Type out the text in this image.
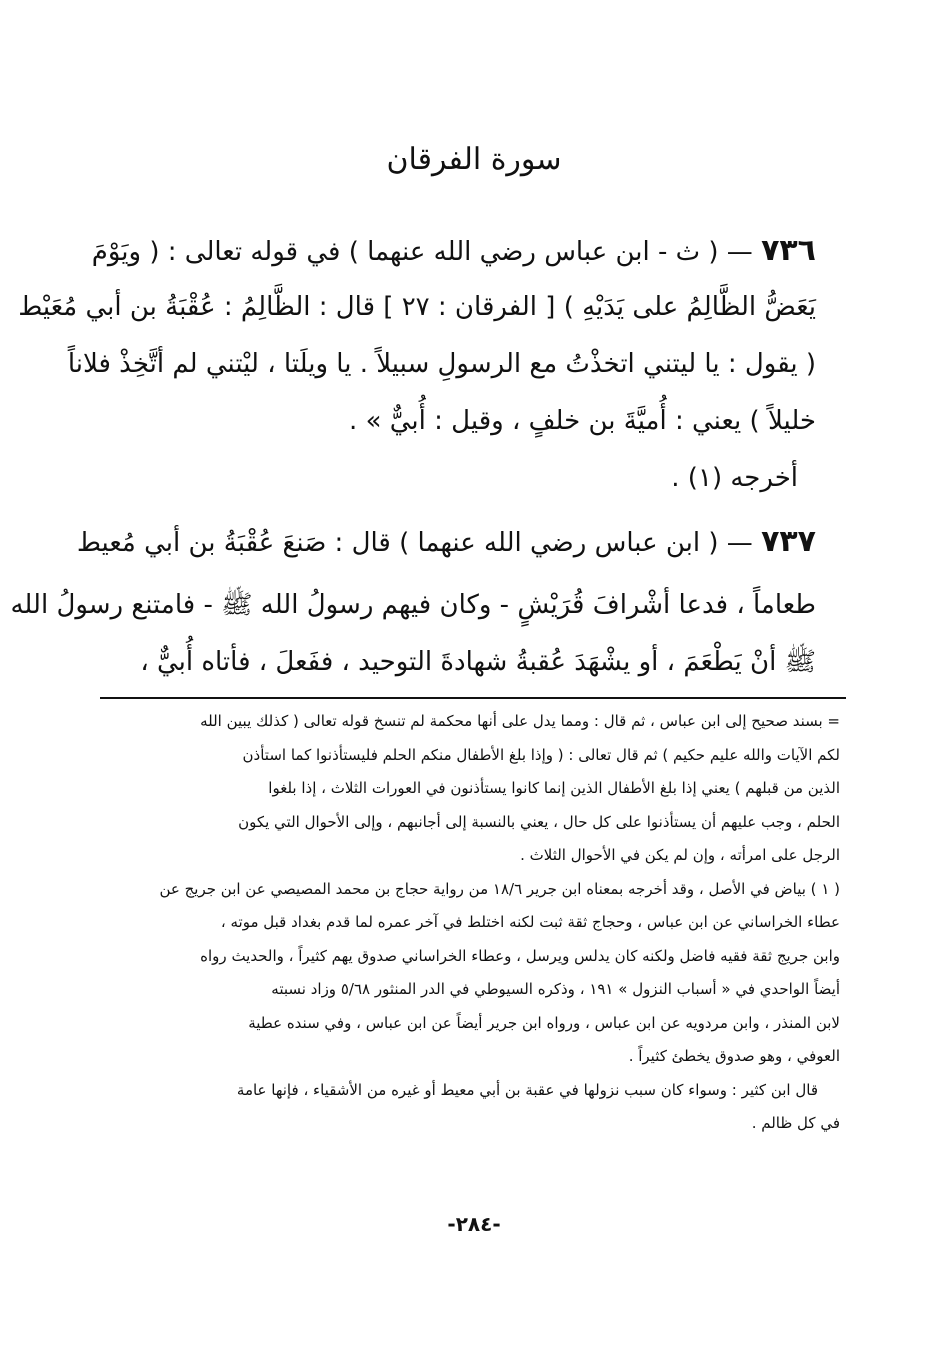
سورة الفرقان
٧٣٦ — ( ث - ابن عباس رضي الله عنهما ) في قوله تعالى : ( ويَوْمَ
يَعَضُّ الظَّالِمُ على يَدَيْهِ ) [ الفرقان : ٢٧ ] قال : الظَّالِمُ : عُقْبَةُ بن أبي مُعَيْط
( يقول : يا ليتني اتخذْتُ مع الرسولِ سبيلاً . يا ويلَتا ، ليْتني لم أتَّخِذْ فلاناً
خليلاً ) يعني : أُميَّةَ بن خلفٍ ، وقيل : أُبيٌّ » .
أخرجه (١) .
٧٣٧ — ( ابن عباس رضي الله عنهما ) قال : صَنعَ عُقْبَةُ بن أبي مُعيط
طعاماً ، فدعا أشْرافَ قُرَيْشٍ - وكان فيهم رسولُ الله ﷺ - فامتنع رسولُ الله
ﷺ أنْ يَطْعَمَ ، أو يشْهَدَ عُقبةُ شهادةَ التوحيد ، ففَعلَ ، فأتاه أُبيٌّ ،
= بسند صحيح إلى ابن عباس ، ثم قال : ومما يدل على أنها محكمة لم تنسخ قوله تعالى ( كذلك يبين الله
لكم الآيات والله عليم حكيم ) ثم قال تعالى : ( وإذا بلغ الأطفال منكم الحلم فليستأذنوا كما استأذن
الذين من قبلهم ) يعني إذا بلغ الأطفال الذين إنما كانوا يستأذنون في العورات الثلاث ، إذا بلغوا
الحلم ، وجب عليهم أن يستأذنوا على كل حال ، يعني بالنسبة إلى أجانبهم ، وإلى الأحوال التي يكون
الرجل على امرأته ، وإن لم يكن في الأحوال الثلاث .
( ١ ) بياض في الأصل ، وقد أخرجه بمعناه ابن جرير ١٨/٦ من رواية حجاج بن محمد المصيصي عن ابن جريج عن
عطاء الخراساني عن ابن عباس ، وحجاج ثقة ثبت لكنه اختلط في آخر عمره لما قدم بغداد قبل موته ،
وابن جريج ثقة فقيه فاضل ولكنه كان يدلس ويرسل ، وعطاء الخراساني صدوق يهم كثيراً ، والحديث رواه
أيضاً الواحدي في « أسباب النزول » ١٩١ ، وذكره السيوطي في الدر المنثور ٥/٦٨ وزاد نسبته
لابن المنذر ، وابن مردويه عن ابن عباس ، ورواه ابن جرير أيضاً عن ابن عباس ، وفي سنده عطية
العوفي ، وهو صدوق يخطئ كثيراً .
قال ابن كثير : وسواء كان سبب نزولها في عقبة بن أبي معيط أو غيره من الأشقياء ، فإنها عامة
في كل ظالم .
-٢٨٤-
